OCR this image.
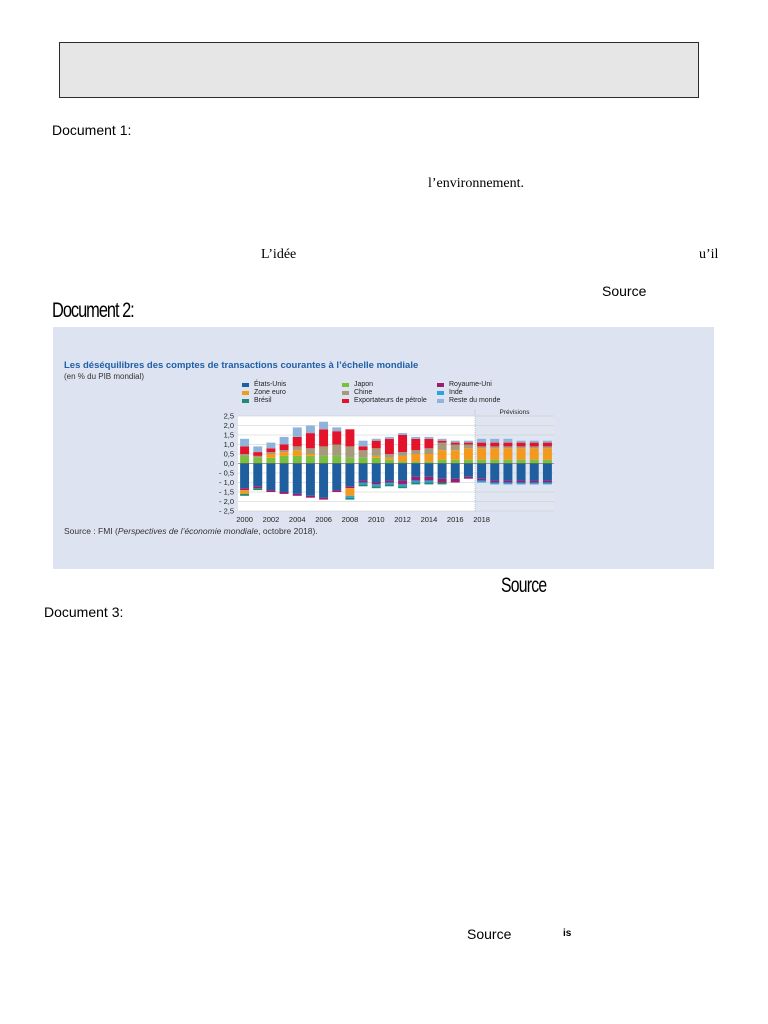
Document 1:
l’environnement.
L’idée	u’il
Source
Document 2:
Les déséquilibres des comptes de transactions courantes à l’échelle mondiale
(en % du PIB mondial)
États-Unis
Zone euro
Brésil
Japon
Chine
Exportateurs de pétrole
Royaume-Uni
Inde
Reste du monde
Prévisions
2,5
2,0
1,5
1,0
0,5
0,0
- 0,5
- 1,0
- 1,5
- 2,0
- 2,5
2000 2002 2004 2006 2008 2010 2012 2014 2016 2018
Source : FMI (Perspectives de l’économie mondiale, octobre 2018).
Source
Document 3:
Source	is
